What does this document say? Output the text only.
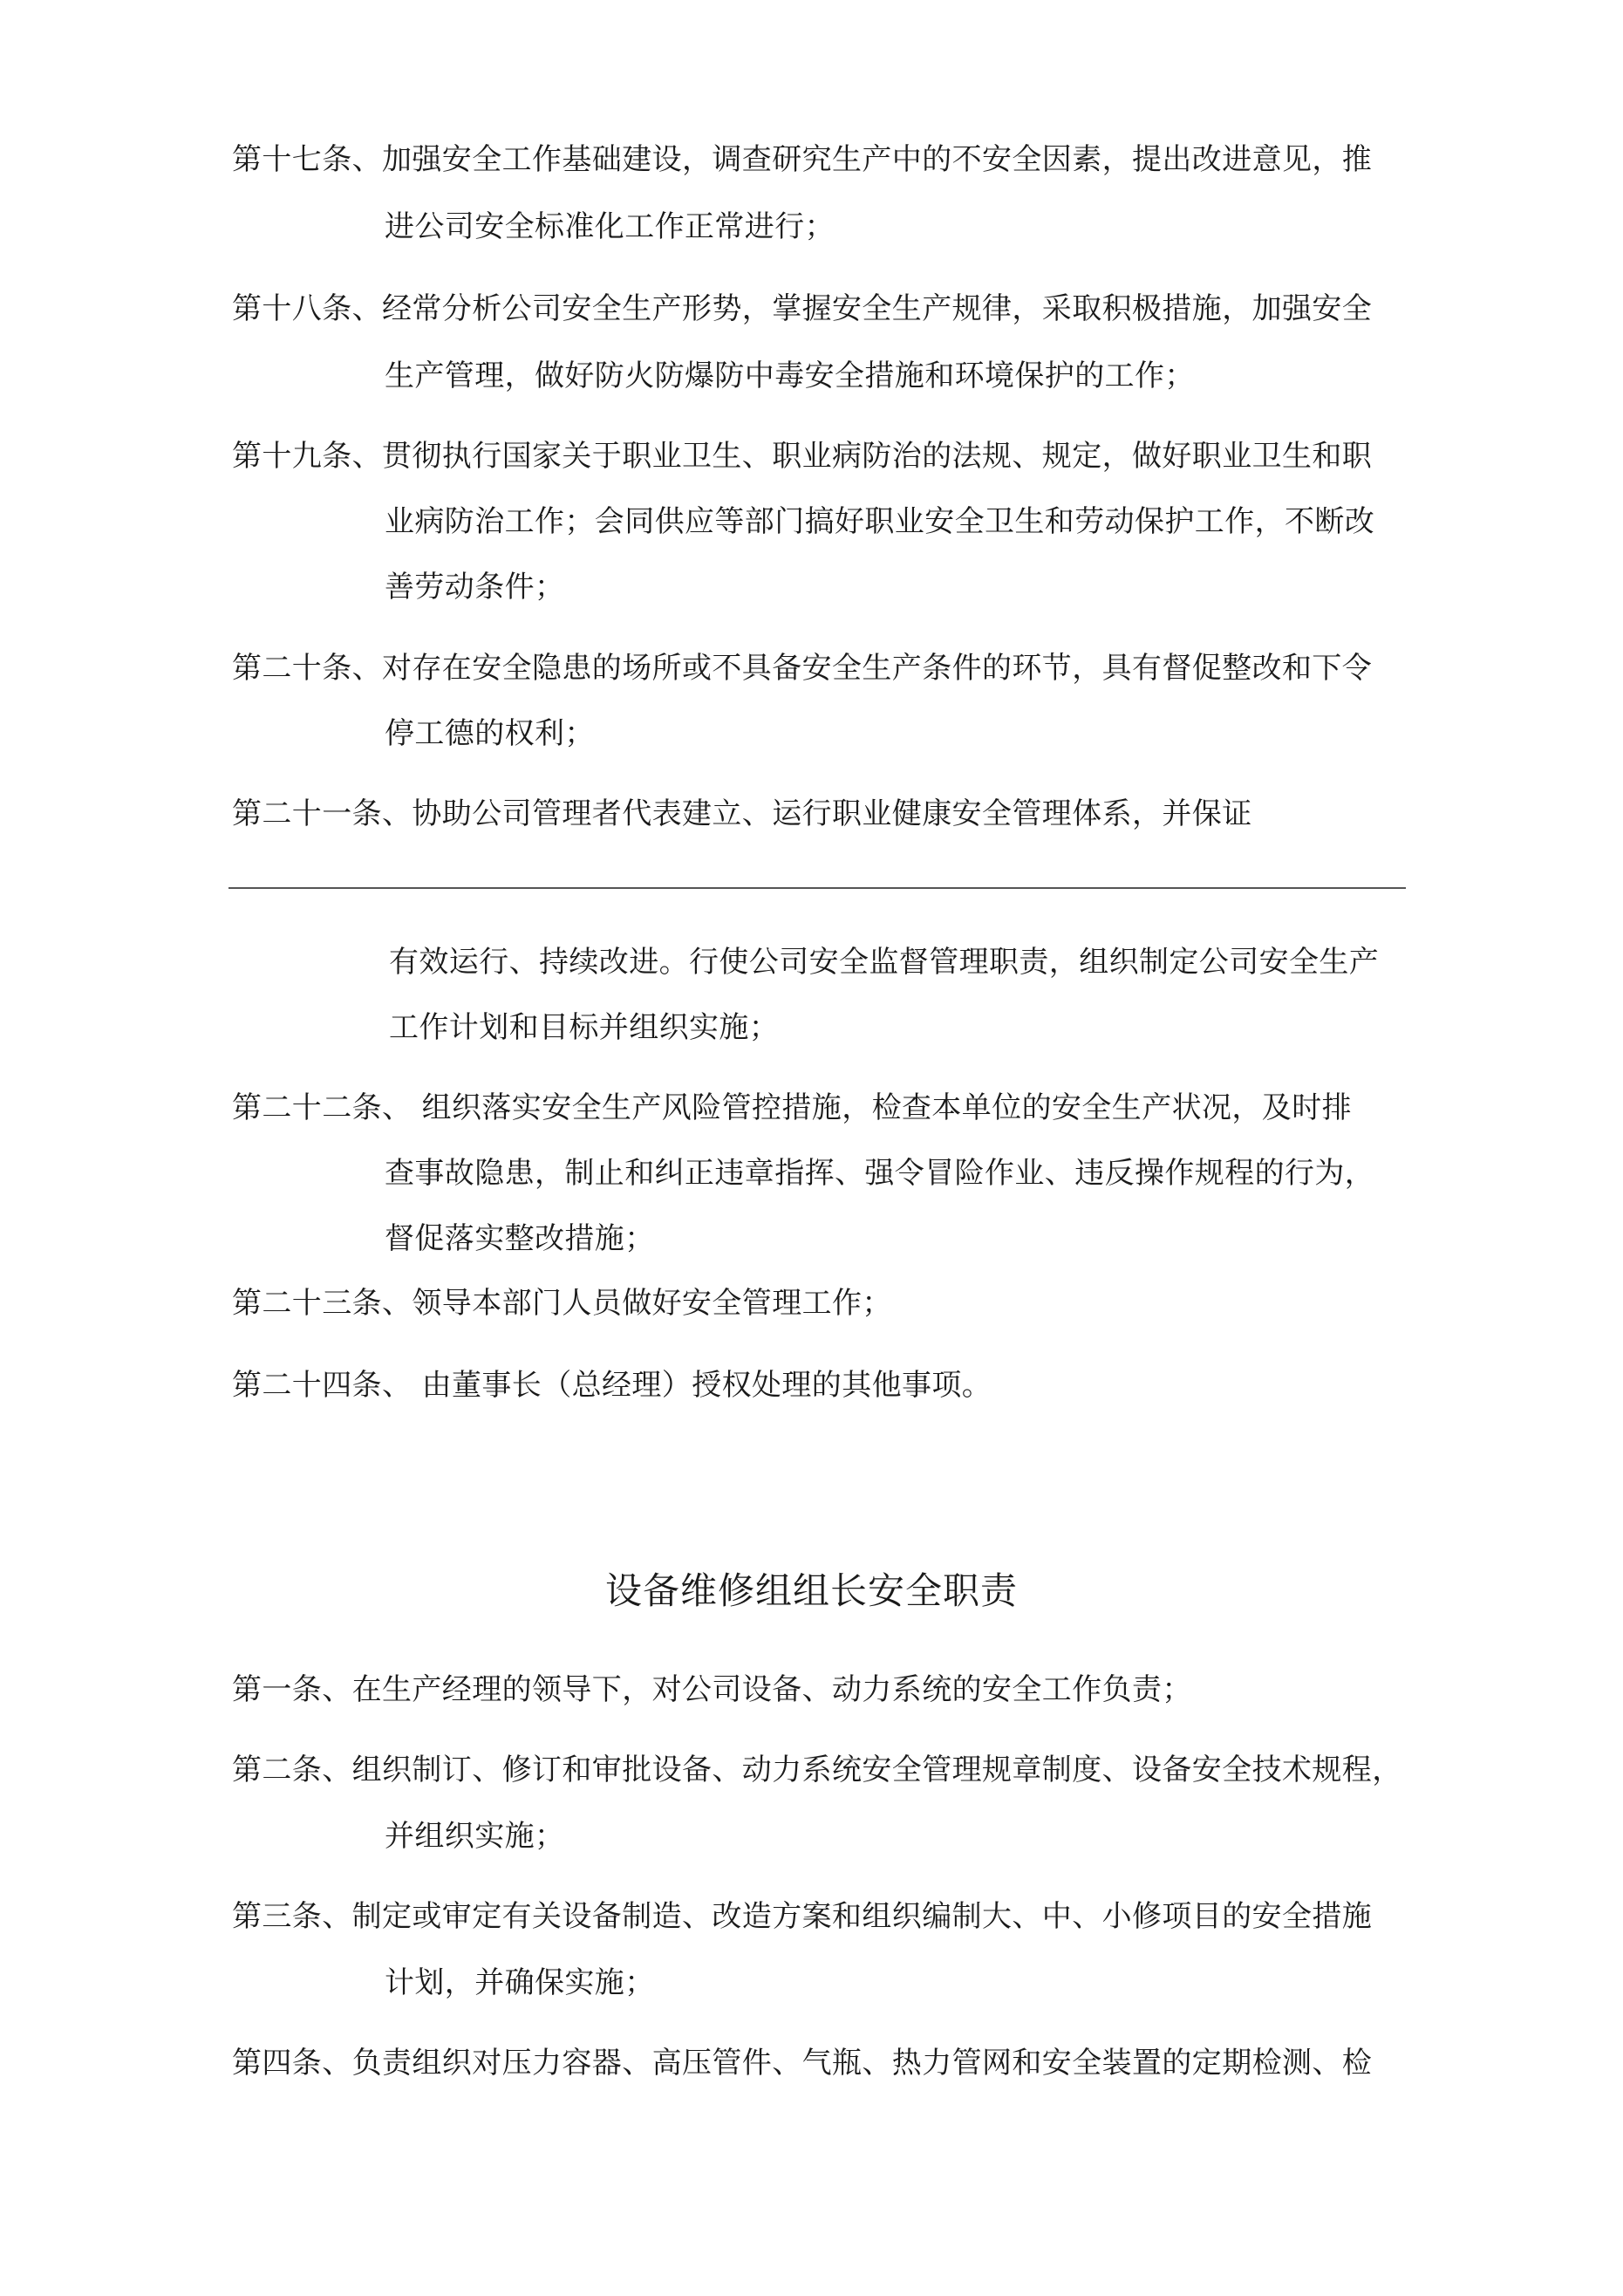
第十七条、加强安全工作基础建设，调查研究生产中的不安全因素，提出改进意见，推
进公司安全标准化工作正常进行；
第十八条、经常分析公司安全生产形势，掌握安全生产规律，采取积极措施，加强安全
生产管理，做好防火防爆防中毒安全措施和环境保护的工作；
第十九条、贯彻执行国家关于职业卫生、职业病防治的法规、规定，做好职业卫生和职
业病防治工作；会同供应等部门搞好职业安全卫生和劳动保护工作，不断改
善劳动条件；
第二十条、对存在安全隐患的场所或不具备安全生产条件的环节，具有督促整改和下令
停工德的权利；
第二十一条、协助公司管理者代表建立、运行职业健康安全管理体系，并保证
有效运行、持续改进。行使公司安全监督管理职责，组织制定公司安全生产
工作计划和目标并组织实施；
第二十二条、 组织落实安全生产风险管控措施，检查本单位的安全生产状况，及时排
查事故隐患，制止和纠正违章指挥、强令冒险作业、违反操作规程的行为，
督促落实整改措施；
第二十三条、领导本部门人员做好安全管理工作；
第二十四条、 由董事长（总经理）授权处理的其他事项。
设备维修组组长安全职责
第一条、在生产经理的领导下，对公司设备、动力系统的安全工作负责；
第二条、组织制订、修订和审批设备、动力系统安全管理规章制度、设备安全技术规程，
并组织实施；
第三条、制定或审定有关设备制造、改造方案和组织编制大、中、小修项目的安全措施
计划，并确保实施；
第四条、负责组织对压力容器、高压管件、气瓶、热力管网和安全装置的定期检测、检
